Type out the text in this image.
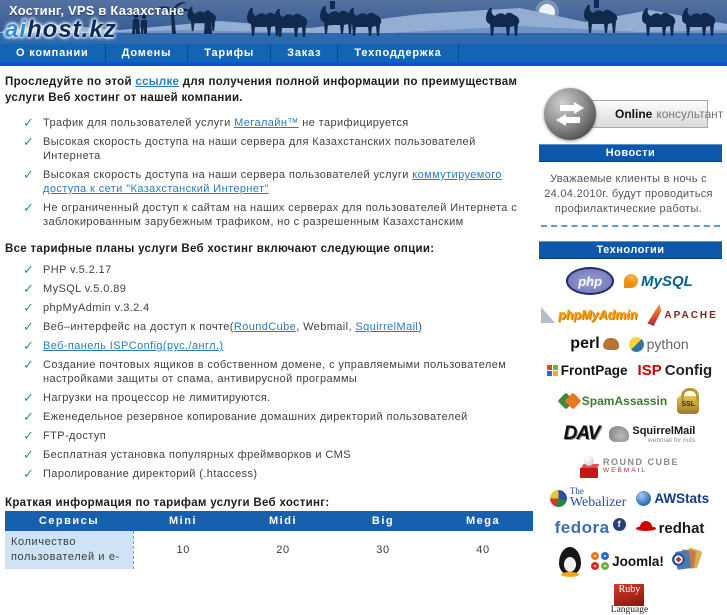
Хостинг, VPS в Казахстане
aihost.kz
О компании	Домены	Тарифы	Заказ	Техподдержка

Проследуйте по этой ссылке для получения полной информации по преимуществам услуги Веб хостинг от нашей компании.

✓ Трафик для пользователей услуги Мегалайн™ не тарифицируется
✓ Высокая скорость доступа на наши сервера для Казахстанских пользователей Интернета
✓ Высокая скорость доступа на наши сервера пользователей услуги коммутируемого доступа к сети "Казахстанский Интернет"
✓ Не ограниченный доступ к сайтам на наших серверах для пользователей Интернета с заблокированным зарубежным трафиком, но с разрешенным Казахстанским
Все тарифные планы услуги Веб хостинг включают следующие опции:
✓ PHP v.5.2.17
✓ MySQL v.5.0.89
✓ phpMyAdmin v.3.2.4
✓ Веб–интерфейс на доступ к почте(RoundCube, Webmail, SquirrelMail)
✓ Веб-панель ISPConfig(рус./англ.)
✓ Создание почтовых ящиков в собственном домене, с управляемыми пользователем настройками защиты от спама, антивирусной программы
✓ Нагрузки на процессор не лимитируются.
✓ Еженедельное резервное копирование домашних директорий пользователей
✓ FTP-доступ
✓ Бесплатная установка популярных фреймворков и CMS
✓ Паролирование директорий (.htaccess)
Краткая информация по тарифам услуги Веб хостинг:
Сервисы	Mini	Midi	Big	Mega
Количество пользователей и е-	10	20	30	40
Online консультант
Новости
Уважаемые клиенты в ночь с 24.04.2010г. будут проводиться профилактические работы.
Технологии
php	MySQL
phpMyAdmin	APACHE
perl	python
FrontPage ISP Config
SpamAssassin	SSL
DAV	SquirrelMail
webmail for nuts
ROUND CUBE
WEBMAIL
The
Webalizer AWStats
fedora f	redhat
Joomla!
Ruby
Language
